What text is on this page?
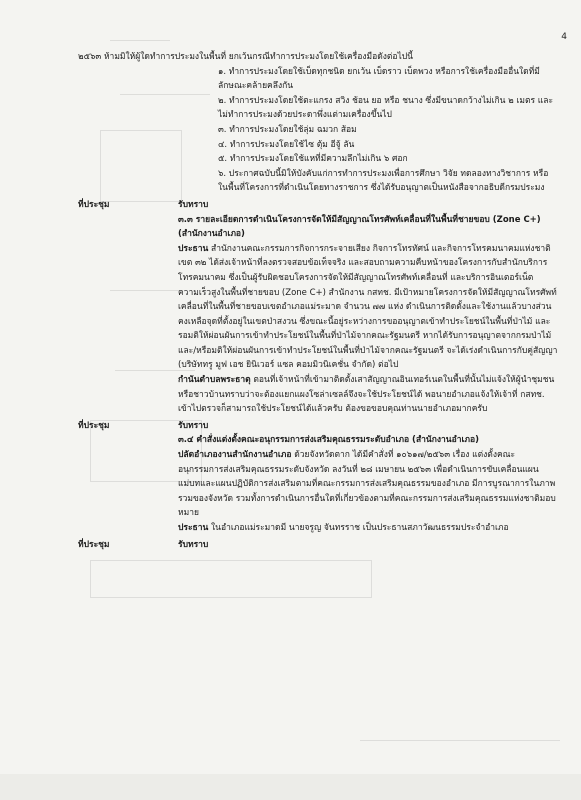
4

๒๕๖๓ ห้ามมิให้ผู้ใดทำการประมงในพื้นที่ ยกเว้นกรณีทำการประมงโดยใช้เครื่องมือดังต่อไปนี้

๑. ทำการประมงโดยใช้เบ็ดทุกชนิด ยกเว้น เบ็ดราว เบ็ดพวง หรือการใช้เครื่องมืออื่นใดที่มีลักษณะคล้ายคลึงกัน

๒. ทำการประมงโดยใช้ตะแกรง สวิง ช้อน ยอ หรือ ชนาง ซึ่งมีขนาดกว้างไม่เกิน ๒ เมตร และไม่ทำการประมงด้วยประดาพึ่งแต่ามเครื่องขึ้นไป

๓. ทำการประมงโดยใช้ลุ่ม ฉมวก ส้อม

๔. ทำการประมงโดยใช้ไซ ตุ้ม อีจู้ ลัน

๕. ทำการประมงโดยใช้แหที่มีความลึกไม่เกิน ๖ ศอก

๖. ประกาศฉบับนี้มิให้บังคับแก่การทำการประมงเพื่อการศึกษา วิจัย ทดลองทางวิชาการ หรือในพื้นที่โครงการที่ดำเนินโดยทางราชการ ซึ่งได้รับอนุญาตเป็นหนังสือจากอธิบดีกรมประมง

ที่ประชุม	รับทราบ

๓.๓ รายละเอียดการดำเนินโครงการจัดให้มีสัญญาณโทรศัพท์เคลื่อนที่ในพื้นที่ชายขอบ (Zone C+) (สำนักงานอำเภอ)

ประธาน สำนักงานคณะกรรมการกิจการกระจายเสียง กิจการโทรทัศน์ และกิจการโทรคมนาคมแห่งชาติ เขต ๓๒ ได้ส่งเจ้าหน้าที่ลงตรวจสอบข้อเท็จจริง และสอบถามความคืบหน้าของโครงการกับสำนักบริการโทรคมนาคม ซึ่งเป็นผู้รับผิดชอบโครงการจัดให้มีสัญญาณโทรศัพท์เคลื่อนที่ และบริการอินเตอร์เน็ตความเร็วสูงในพื้นที่ชายขอบ (Zone C+) สำนักงาน กสทช. มีเป้าหมายโครงการจัดให้มีสัญญาณโทรศัพท์เคลื่อนที่ในพื้นที่ชายขอบเขตอำเภอแม่ระมาด จำนวน ๗๗ แห่ง ดำเนินการติดตั้งและใช้งานแล้วบางส่วน คงเหลือจุดที่ตั้งอยู่ในเขตป่าสงวน ซึ่งขณะนี้อยู่ระหว่างการขออนุญาตเข้าทำประโยชน์ในพื้นที่ป่าไม้ และรอมติให้ผ่อนผันการเข้าทำประโยชน์ในพื้นที่ป่าไม้จากคณะรัฐมนตรี หากได้รับการอนุญาตจากกรมป่าไม้ และ/หรือมติให้ผ่อนผันการเข้าทำประโยชน์ในพื้นที่ป่าไม้จากคณะรัฐมนตรี จะได้เร่งดำเนินการกับคู่สัญญา (บริษัททรู มูฟ เอช ยินิเวอร์ แซล คอมมิวนิเคชั่น จำกัด) ต่อไป

กำนันตำบลพระธาตุ ตอนที่เจ้าหน้าที่เข้ามาติดตั้งเสาสัญญาณอินเทอร์เนตในพื้นที่นั้นไม่แจ้งให้ผู้นำชุมชน หรือชาวบ้านทราบว่าจะต้องแยกแผงโซล่าเซลล์จึงจะใช้ประโยชน์ได้ พอนายอำเภอแจ้งให้เจ้าที่ กสทช. เข้าไปตรวจก็สามารถใช้ประโยชน์ได้แล้วครับ ต้องขอขอบคุณท่านนายอำเภอมากครับ

ที่ประชุม	รับทราบ

๓.๔ คำสั่งแต่งตั้งคณะอนุกรรมการส่งเสริมคุณธรรมระดับอำเภอ (สำนักงานอำเภอ)

ปลัดอำเภองานสำนักงานอำเภอ ด้วยจังหวัดตาก ได้มีคำสั่งที่ ๑๐๖๑๗/๒๕๖๓ เรื่อง แต่งตั้งคณะอนุกรรมการส่งเสริมคุณธรรมระดับจังหวัด ลงวันที่ ๒๘ เมษายน ๒๕๖๓ เพื่อดำเนินการขับเคลื่อนแผนแม่บทและแผนปฏิบัติการส่งเสริมตามที่คณะกรรมการส่งเสริมคุณธรรมของอำเภอ มีการบูรณาการในภาพรวมของจังหวัด รวมทั้งการดำเนินการอื่นใดที่เกี่ยวข้องตามที่คณะกรรมการส่งเสริมคุณธรรมแห่งชาติมอบหมาย

ประธาน ในอำเภอแม่ระมาดมี นายจรูญ จันทรราช เป็นประธานสภาวัฒนธรรมประจำอำเภอ

ที่ประชุม	รับทราบ
